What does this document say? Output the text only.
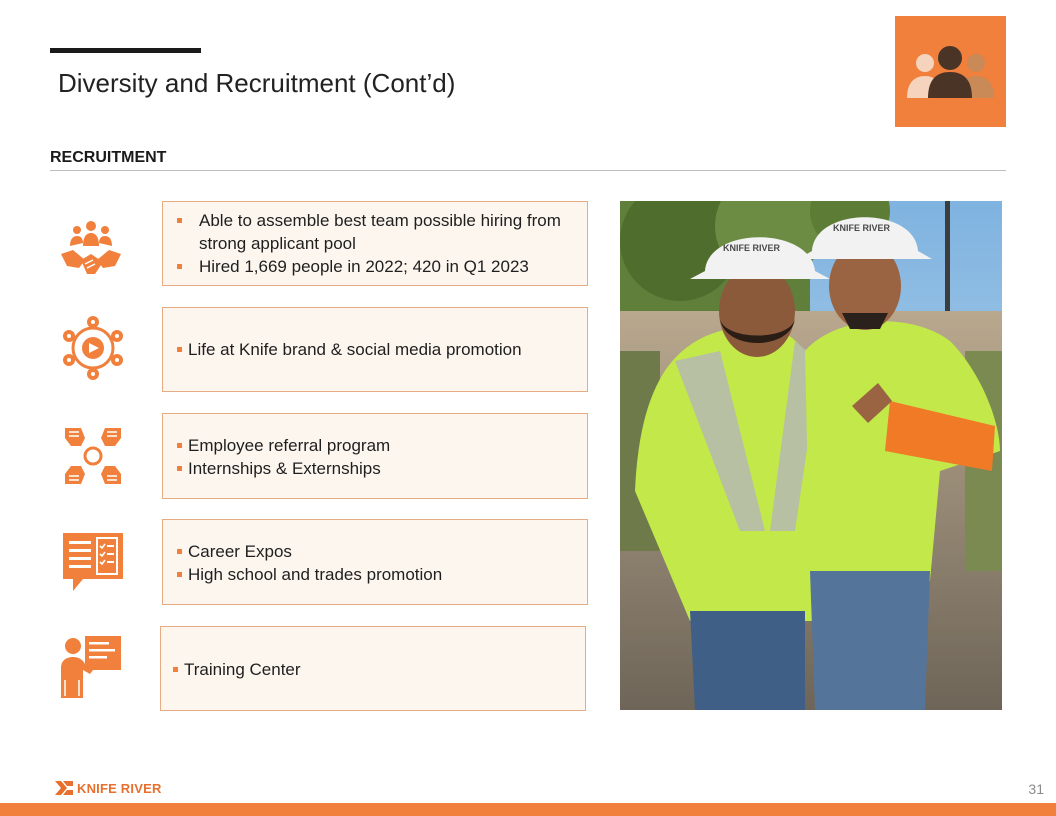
Diversity and Recruitment (Cont’d)
RECRUITMENT
Able to assemble best team possible hiring from strong applicant pool
Hired 1,669 people in 2022; 420 in Q1 2023
Life at Knife brand & social media promotion
Employee referral program
Internships & Externships
Career Expos
High school and trades promotion
Training Center
KNIFE RIVER
KNIFE RIVER
KNIFE RIVER	31
